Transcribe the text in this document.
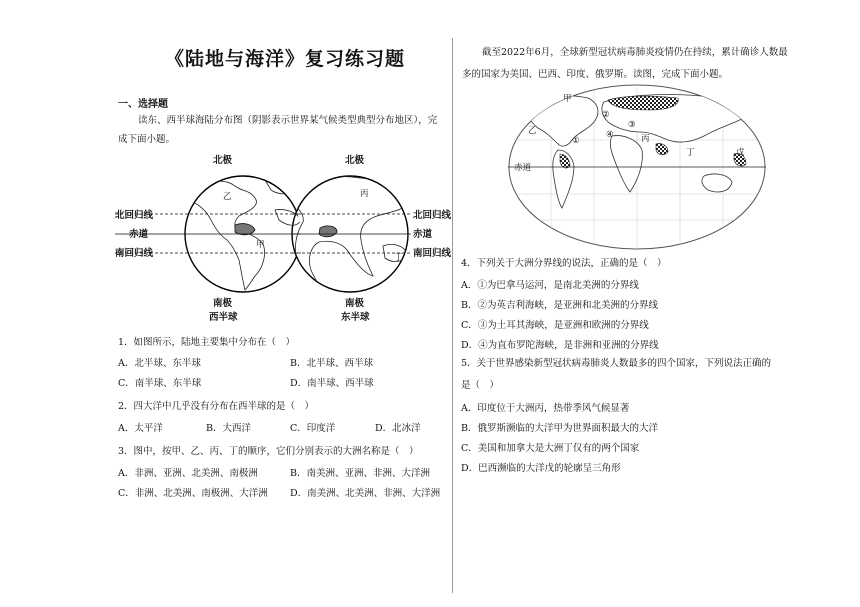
《陆地与海洋》复习练习题
一、选择题
读东、西半球海陆分布图（阴影表示世界某气候类型典型分布地区），完成下面小题。
北极	北极
北回归线
赤道
南回归线
北回归线
赤道
南回归线
南极	南极
西半球	东半球
乙
甲
丙
丁
1．如图所示，陆地主要集中分布在（　）
A．北半球、东半球	B．北半球、西半球
C．南半球、东半球	D．南半球、西半球
2．四大洋中几乎没有分布在西半球的是（　）
A．太平洋	B．大西洋	C．印度洋	D．北冰洋
3．图中，按甲、乙、丙、丁的顺序，它们分别表示的大洲名称是（　）
A．非洲、亚洲、北美洲、南极洲	B．南美洲、亚洲、非洲、大洋洲
C．非洲、北美洲、南极洲、大洋洲 D．南美洲、北美洲、非洲、大洋洲
截至2022年6月，全球新型冠状病毒肺炎疫情仍在持续，累计确诊人数最多的国家为美国、巴西、印度、俄罗斯。读图，完成下面小题。
甲
乙
丙
丁	戊
赤道
①
②
③
④
4．下列关于大洲分界线的说法，正确的是（　）
A．①为巴拿马运河，是南北美洲的分界线
B．②为英吉利海峡，是亚洲和北美洲的分界线
C．③为土耳其海峡，是亚洲和欧洲的分界线
D．④为直布罗陀海峡，是非洲和亚洲的分界线
5．关于世界感染新型冠状病毒肺炎人数最多的四个国家，下列说法正确的
是（　）
A．印度位于大洲丙，热带季风气候显著
B．俄罗斯濒临的大洋甲为世界面积最大的大洋
C．美国和加拿大是大洲丁仅有的两个国家
D．巴西濒临的大洋戊的轮廓呈三角形
